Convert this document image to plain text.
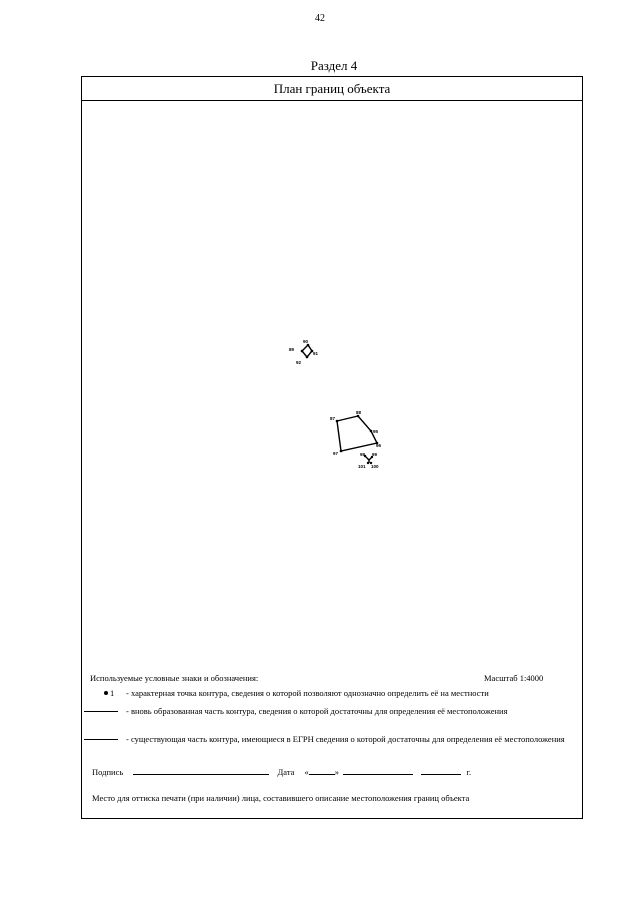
42
Раздел 4
План границ объекта
90
89
91
92
87
88
95
96
97	98 99
101 100
Используемые условные знаки и обозначения:	Масштаб 1:4000
1 - характерная точка контура, сведения о которой позволяют однозначно определить её на местности
- вновь образованная часть контура, сведения о которой достаточны для определения её местоположения
- существующая часть контура, имеющиеся в ЕГРН сведения о которой достаточны для определения её местоположения
Подпись	Дата «	»	г.
Место для оттиска печати (при наличии) лица, составившего описание местоположения границ объекта
